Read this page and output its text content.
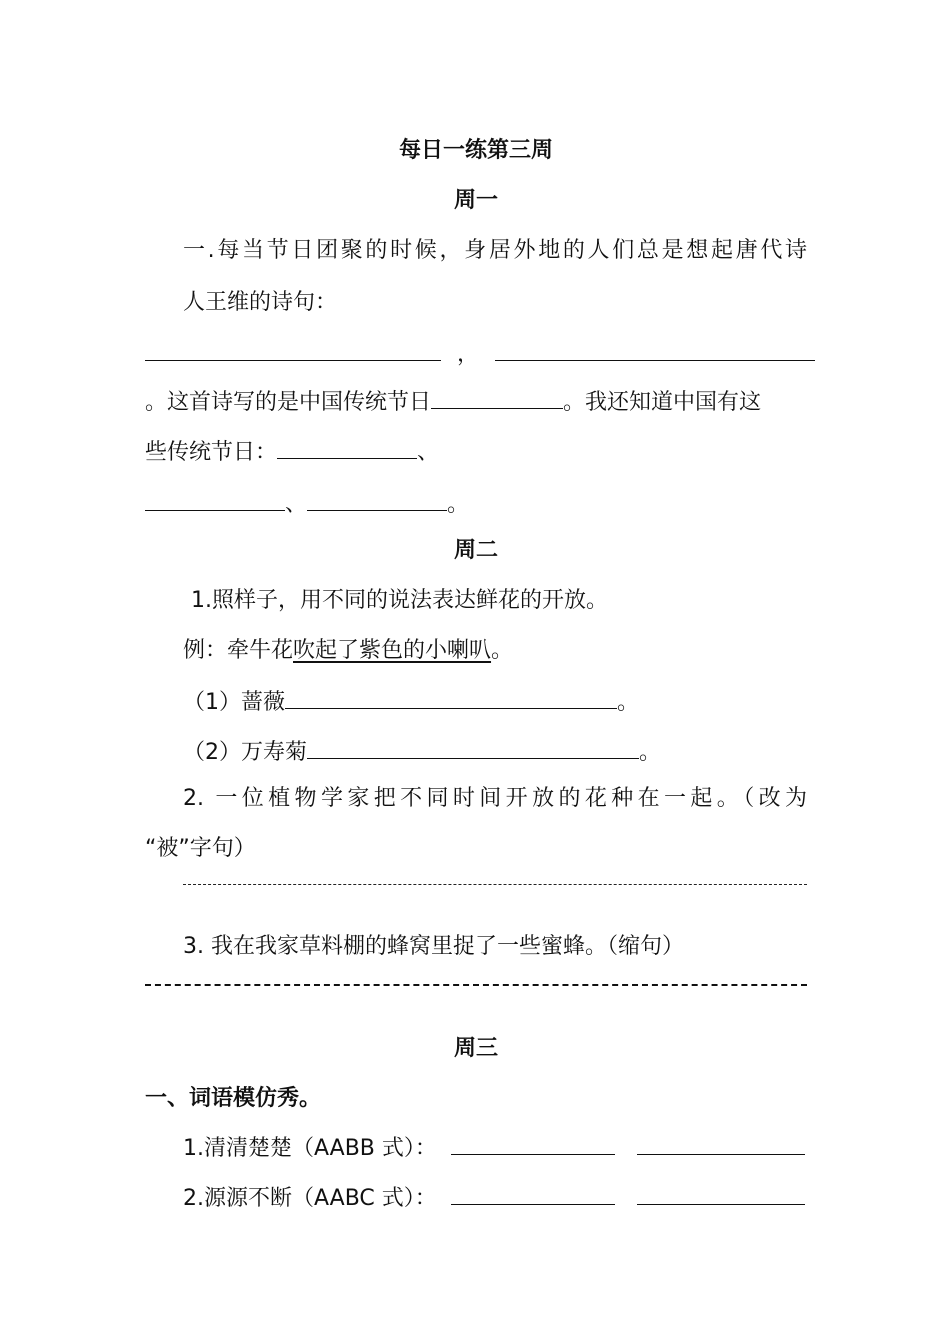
每日一练第三周
周一
一.每当节日团聚的时候，身居外地的人们总是想起唐代诗
人王维的诗句：
，
。这首诗写的是中国传统节日	。我还知道中国有这
些传统节日：	、
、	。
周二
1.照样子，用不同的说法表达鲜花的开放。
例：牵牛花吹起了紫色的小喇叭。
（1）蔷薇	。
（2）万寿菊	。
2. 一位植物学家把不同时间开放的花种在一起。（改为
“被”字句）
3. 我在我家草料棚的蜂窝里捉了一些蜜蜂。（缩句）
周三
一、词语模仿秀。
1.清清楚楚（AABB 式）：
2.源源不断（AABC 式）：
